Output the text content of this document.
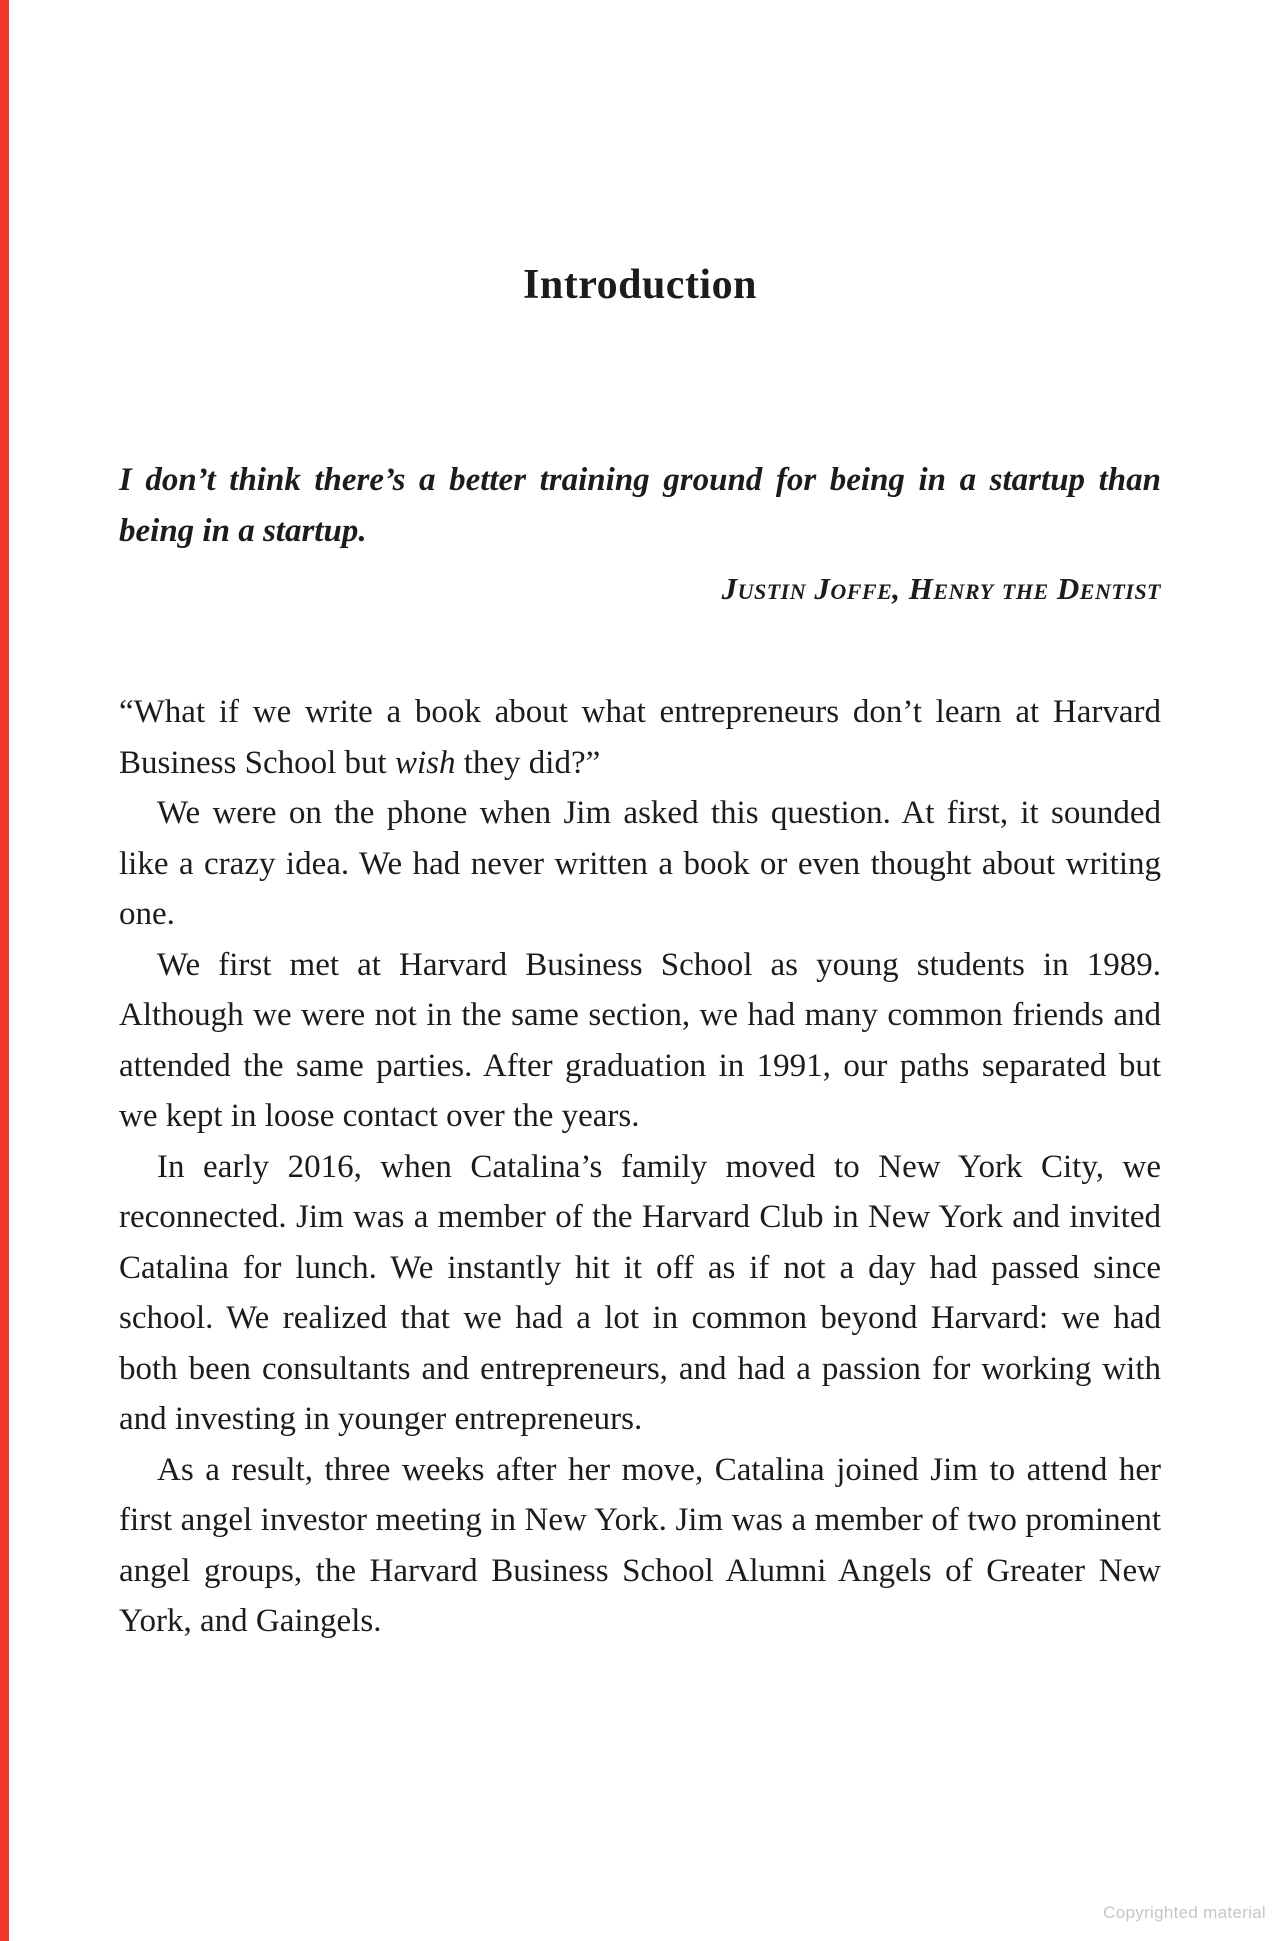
Introduction
I don’t think there’s a better training ground for being in a startup than being in a startup.
Justin Joffe, Henry the Dentist

“What if we write a book about what entrepreneurs don’t learn at Harvard Business School but wish they did?”

We were on the phone when Jim asked this question. At first, it sounded like a crazy idea. We had never written a book or even thought about writing one.

We first met at Harvard Business School as young students in 1989. Although we were not in the same section, we had many common friends and attended the same parties. After graduation in 1991, our paths separated but we kept in loose contact over the years.

In early 2016, when Catalina’s family moved to New York City, we reconnected. Jim was a member of the Harvard Club in New York and invited Catalina for lunch. We instantly hit it off as if not a day had passed since school. We realized that we had a lot in common beyond Harvard: we had both been consultants and entrepreneurs, and had a passion for working with and investing in younger entrepreneurs.

As a result, three weeks after her move, Catalina joined Jim to attend her first angel investor meeting in New York. Jim was a member of two prominent angel groups, the Harvard Business School Alumni Angels of Greater New York, and Gaingels.

Copyrighted material
